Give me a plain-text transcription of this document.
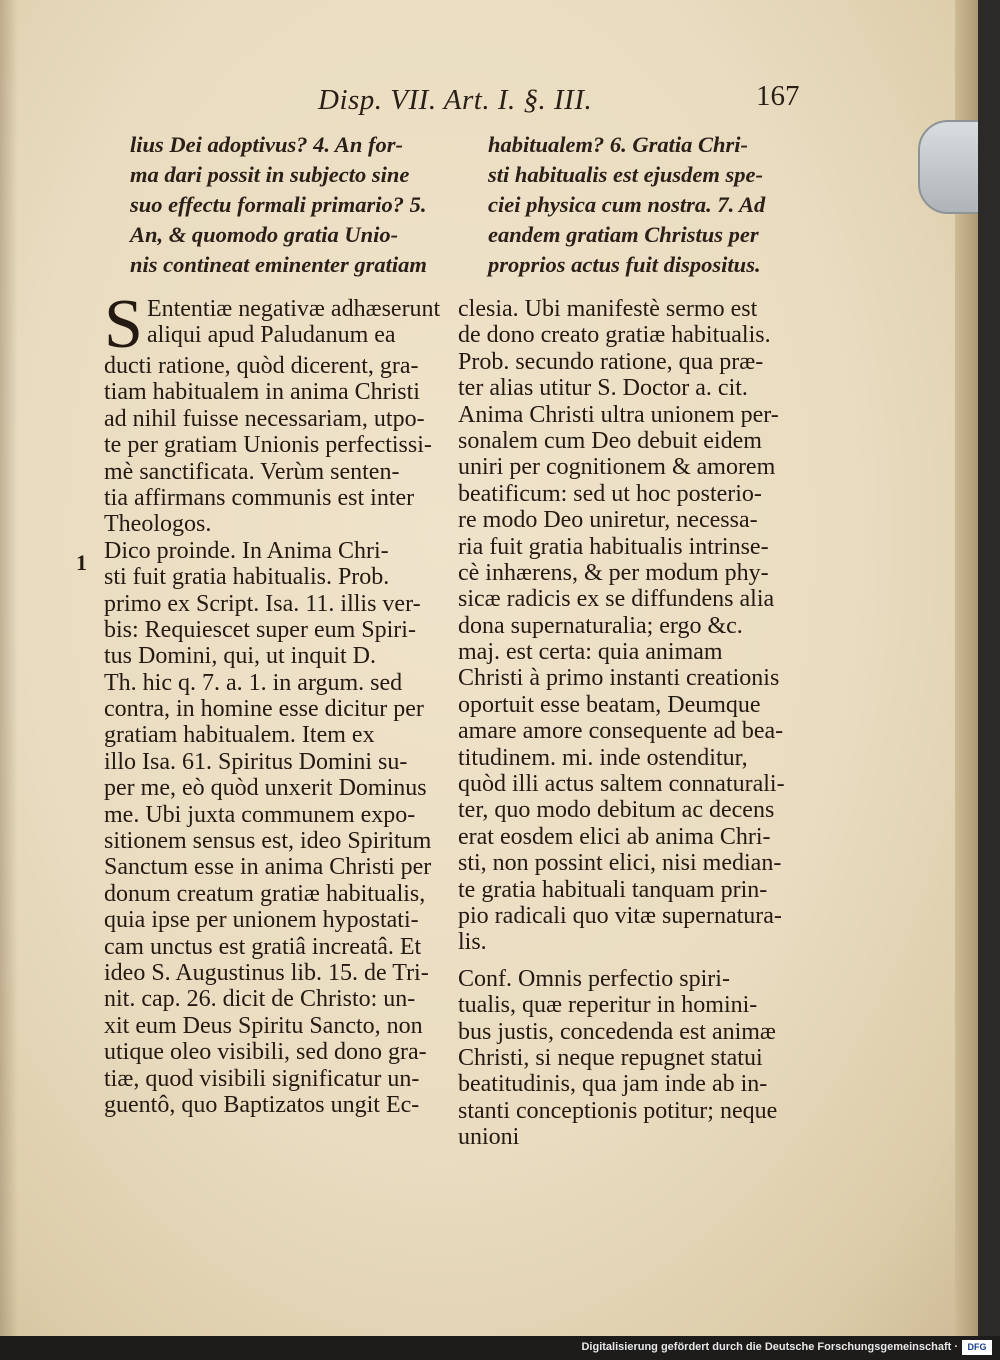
Disp. VII. Art. I. §. III.	167
lius Dei adoptivus? 4. An for-
ma dari possit in subjecto sine
suo effectu formali primario? 5.
An, & quomodo gratia Unio-
nis contineat eminenter gratiam
habitualem? 6. Gratia Chri-
sti habitualis est ejusdem spe-
ciei physica cum nostra. 7. Ad
eandem gratiam Christus per
proprios actus fuit dispositus.
1
S Ententiæ negativæ adhæserunt
aliqui apud Paludanum ea
ducti ratione, quòd dicerent, gra-
tiam habitualem in anima Christi
ad nihil fuisse necessariam, utpo-
te per gratiam Unionis perfectissi-
mè sanctificata. Verùm senten-
tia affirmans communis est inter
Theologos.
Dico proinde. In Anima Chri-
sti fuit gratia habitualis. Prob.
primo ex Script. Isa. 11. illis ver-
bis: Requiescet super eum Spiri-
tus Domini, qui, ut inquit D.
Th. hic q. 7. a. 1. in argum. sed
contra, in homine esse dicitur per
gratiam habitualem. Item ex
illo Isa. 61. Spiritus Domini su-
per me, eò quòd unxerit Dominus
me. Ubi juxta communem expo-
sitionem sensus est, ideo Spiritum
Sanctum esse in anima Christi per
donum creatum gratiæ habitualis,
quia ipse per unionem hypostati-
cam unctus est gratiâ increatâ. Et
ideo S. Augustinus lib. 15. de Tri-
nit. cap. 26. dicit de Christo: un-
xit eum Deus Spiritu Sancto, non
utique oleo visibili, sed dono gra-
tiæ, quod visibili significatur un-
guentô, quo Baptizatos ungit Ec-
clesia. Ubi manifestè sermo est
de dono creato gratiæ habitualis.
Prob. secundo ratione, qua præ-
ter alias utitur S. Doctor a. cit.
Anima Christi ultra unionem per-
sonalem cum Deo debuit eidem
uniri per cognitionem & amorem
beatificum: sed ut hoc posterio-
re modo Deo uniretur, necessa-
ria fuit gratia habitualis intrinse-
cè inhærens, & per modum phy-
sicæ radicis ex se diffundens alia
dona supernaturalia; ergo &c.
maj. est certa: quia animam
Christi à primo instanti creationis
oportuit esse beatam, Deumque
amare amore consequente ad bea-
titudinem. mi. inde ostenditur,
quòd illi actus saltem connaturali-
ter, quo modo debitum ac decens
erat eosdem elici ab anima Chri-
sti, non possint elici, nisi median-
te gratia habituali tanquam prin-
pio radicali quo vitæ supernatura-
lis.
Conf. Omnis perfectio spiri-
tualis, quæ reperitur in homini-
bus justis, concedenda est animæ
Christi, si neque repugnet statui
beatitudinis, qua jam inde ab in-
stanti conceptionis potitur; neque
unioni
Digitalisierung gefördert durch die Deutsche Forschungsgemeinschaft ·	DFG
